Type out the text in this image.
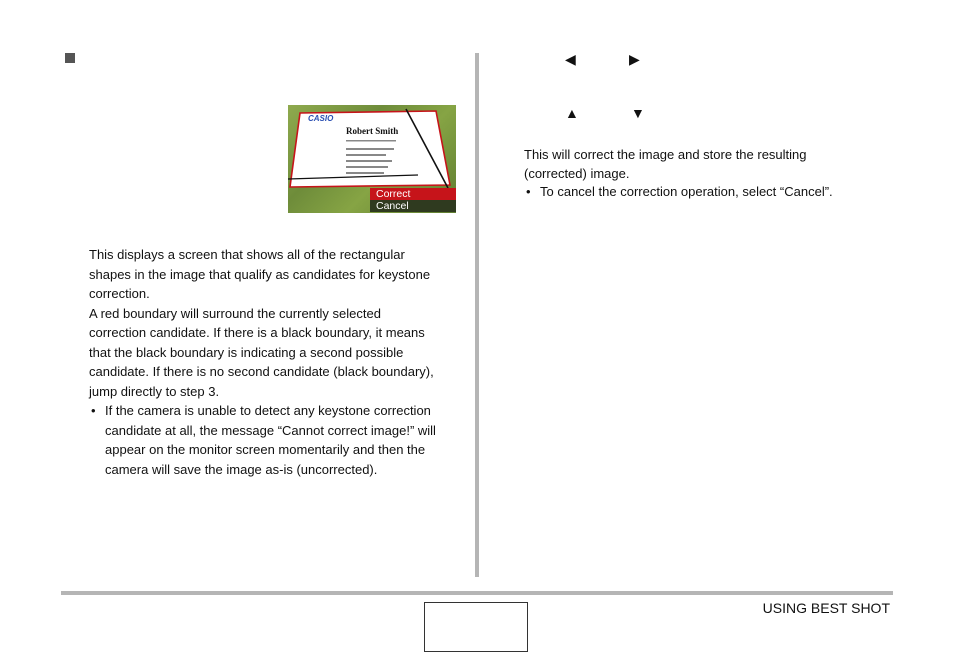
CASIO
Robert Smith
Correct
Cancel

This displays a screen that shows all of the rectangular

shapes in the image that qualify as candidates for keystone

correction.

A red boundary will surround the currently selected

correction candidate. If there is a black boundary, it means

that the black boundary is indicating a second possible

candidate. If there is no second candidate (black boundary),

jump directly to step 3.

• If the camera is unable to detect any keystone correction

candidate at all, the message “Cannot correct image!” will

appear on the monitor screen momentarily and then the

camera will save the image as-is (uncorrected).

◀	▶
▲	▼

This will correct the image and store the resulting

(corrected) image.

• To cancel the correction operation, select “Cancel”.

USING BEST SHOT
